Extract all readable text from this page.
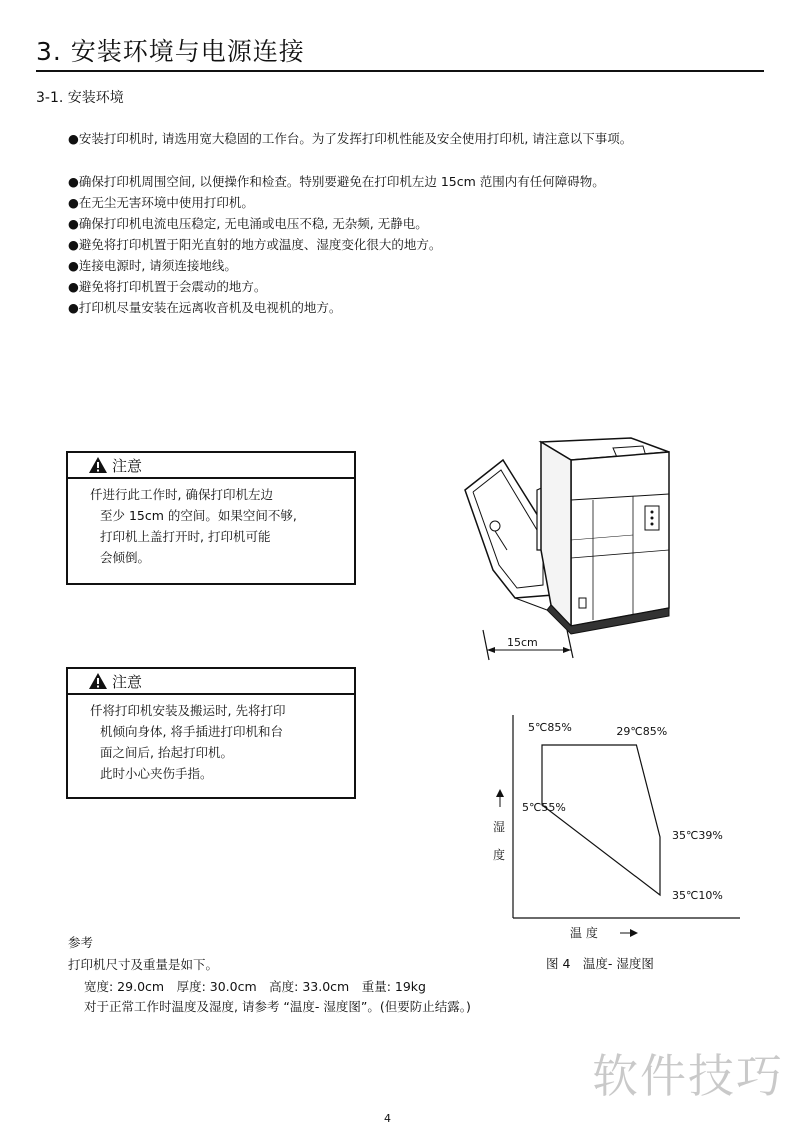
3. 安装环境与电源连接
3-1. 安装环境
●安装打印机时, 请选用宽大稳固的工作台。为了发挥打印机性能及安全使用打印机, 请注意以下事项。
●确保打印机周围空间, 以便操作和检查。特别要避免在打印机左边 15cm 范围内有任何障碍物。
●在无尘无害环境中使用打印机。
●确保打印机电流电压稳定, 无电涌或电压不稳, 无杂频, 无静电。
●避免将打印机置于阳光直射的地方或温度、湿度变化很大的地方。
●连接电源时, 请须连接地线。
●避免将打印机置于会震动的地方。
●打印机尽量安装在远离收音机及电视机的地方。
注意
仟进行此工作时, 确保打印机左边
至少 15cm 的空间。如果空间不够,
打印机上盖打开时, 打印机可能
会倾倒。
注意
仟将打印机安装及搬运时, 先将打印
机倾向身体, 将手插进打印机和台
面之间后, 抬起打印机。
此时小心夹伤手指。
15cm
5℃85%	29℃85%
35℃39%
35℃10%
5℃55%
湿
度
温 度
图 4　温度- 湿度图
参考
打印机尺寸及重量是如下。
宽度: 29.0cm　厚度: 30.0cm　高度: 33.0cm　重量: 19kg
对于正常工作时温度及湿度, 请参考 “温度- 湿度图”。(但要防止结露。)
软件技巧
4
